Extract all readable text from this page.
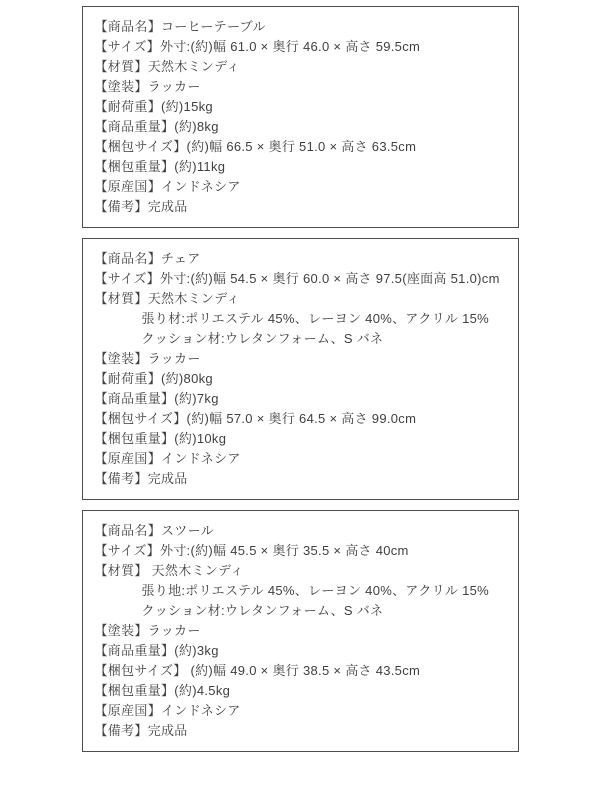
【商品名】コーヒーテーブル
【サイズ】外寸:(約)幅 61.0 × 奥行 46.0 × 高さ 59.5cm
【材質】天然木ミンディ
【塗装】ラッカー
【耐荷重】(約)15kg
【商品重量】(約)8kg
【梱包サイズ】(約)幅 66.5 × 奥行 51.0 × 高さ 63.5cm
【梱包重量】(約)11kg
【原産国】インドネシア
【備考】完成品
【商品名】チェア
【サイズ】外寸:(約)幅 54.5 × 奥行 60.0 × 高さ 97.5(座面高 51.0)cm
【材質】天然木ミンディ
張り材:ポリエステル 45%、レーヨン 40%、アクリル 15%
クッション材:ウレタンフォーム、S バネ
【塗装】ラッカー
【耐荷重】(約)80kg
【商品重量】(約)7kg
【梱包サイズ】(約)幅 57.0 × 奥行 64.5 × 高さ 99.0cm
【梱包重量】(約)10kg
【原産国】インドネシア
【備考】完成品
【商品名】スツール
【サイズ】外寸:(約)幅 45.5 × 奥行 35.5 × 高さ 40cm
【材質】 天然木ミンディ
張り地:ポリエステル 45%、レーヨン 40%、アクリル 15%
クッション材:ウレタンフォーム、S バネ
【塗装】ラッカー
【商品重量】(約)3kg
【梱包サイズ】 (約)幅 49.0 × 奥行 38.5 × 高さ 43.5cm
【梱包重量】(約)4.5kg
【原産国】インドネシア
【備考】完成品
